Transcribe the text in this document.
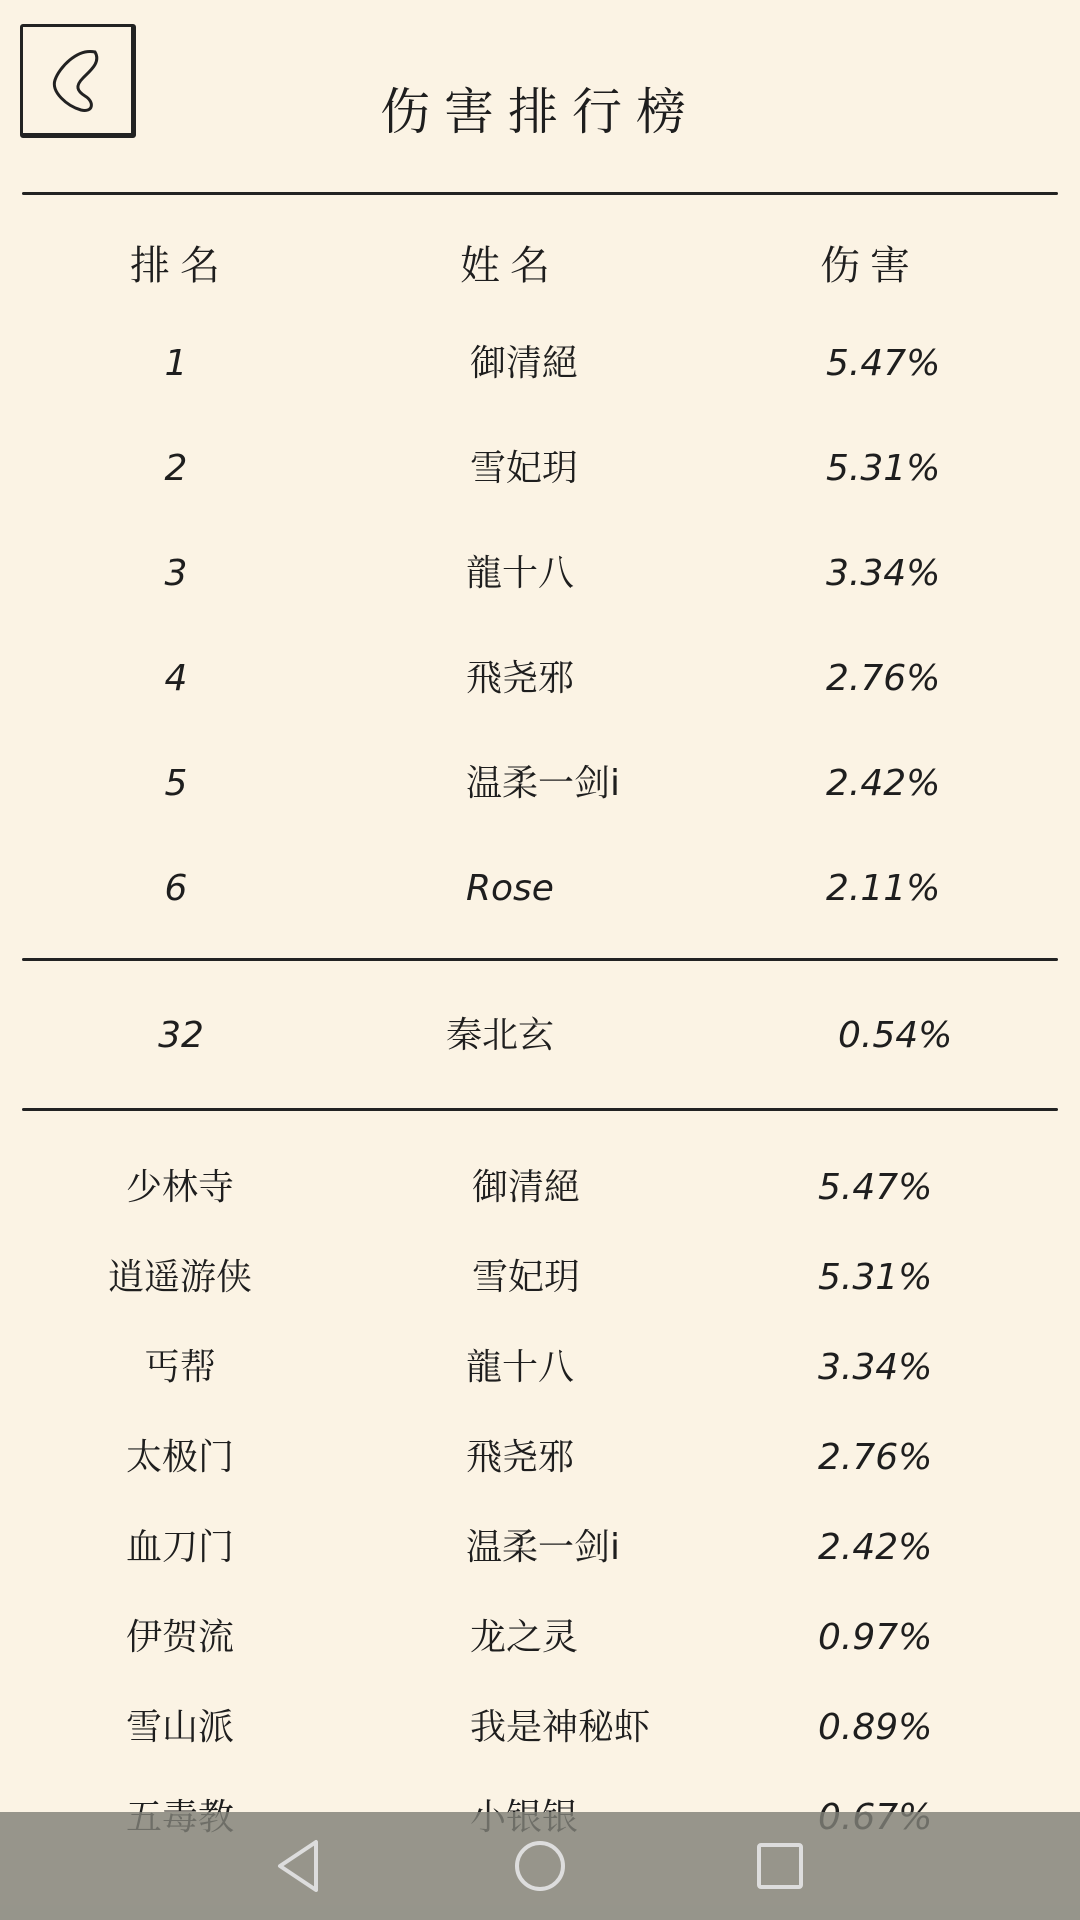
伤害排行榜
排名	姓名	伤害
1	御清絕	5.47%
2	雪妃玥	5.31%
3	龍十八	3.34%
4	飛尧邪	2.76%
5	温柔一剑i	2.42%
6	Rose	2.11%
32	秦北玄	0.54%
少林寺	御清絕	5.47%
逍遥游侠	雪妃玥	5.31%
丐帮	龍十八	3.34%
太极门	飛尧邪	2.76%
血刀门	温柔一剑i	2.42%
伊贺流	龙之灵	0.97%
雪山派	我是神秘虾	0.89%
